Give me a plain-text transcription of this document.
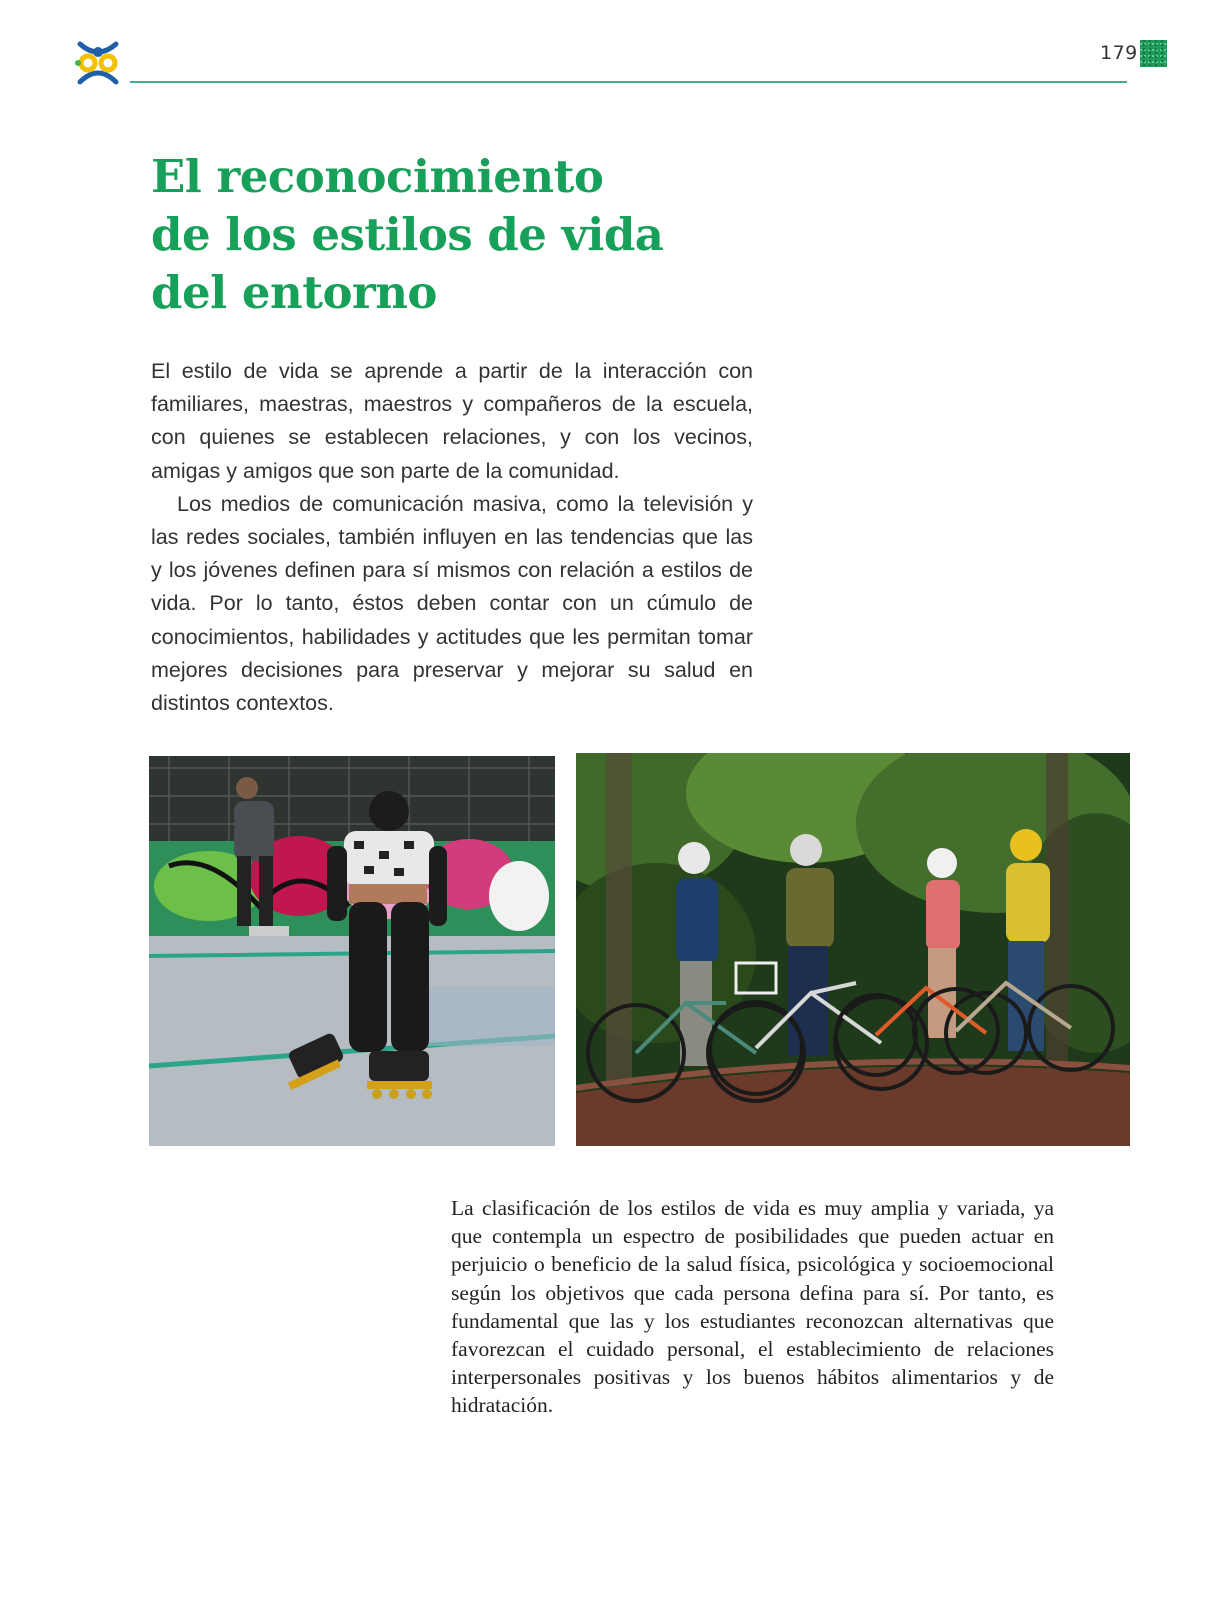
179
El reconocimiento
de los estilos de vida
del entorno

El estilo de vida se aprende a partir de la interacción con familiares, maestras, maestros y compañeros de la escuela, con quienes se establecen relaciones, y con los vecinos, amigas y amigos que son parte de la comunidad.

Los medios de comunicación masiva, como la televisión y las redes sociales, también influyen en las tendencias que las y los jóvenes definen para sí mismos con relación a estilos de vida. Por lo tanto, éstos deben contar con un cúmulo de conocimientos, habilidades y actitudes que les permitan tomar mejores decisiones para preservar y mejorar su salud en distintos contextos.

La clasificación de los estilos de vida es muy amplia y variada, ya que contempla un espectro de posibilidades que pueden actuar en perjuicio o beneficio de la salud física, psicológica y socioemocional según los objetivos que cada persona defina para sí. Por tanto, es fundamental que las y los estudiantes reconozcan alternativas que favorezcan el cuidado personal, el establecimiento de relaciones interpersonales positivas y los buenos hábitos alimentarios y de hidratación.
